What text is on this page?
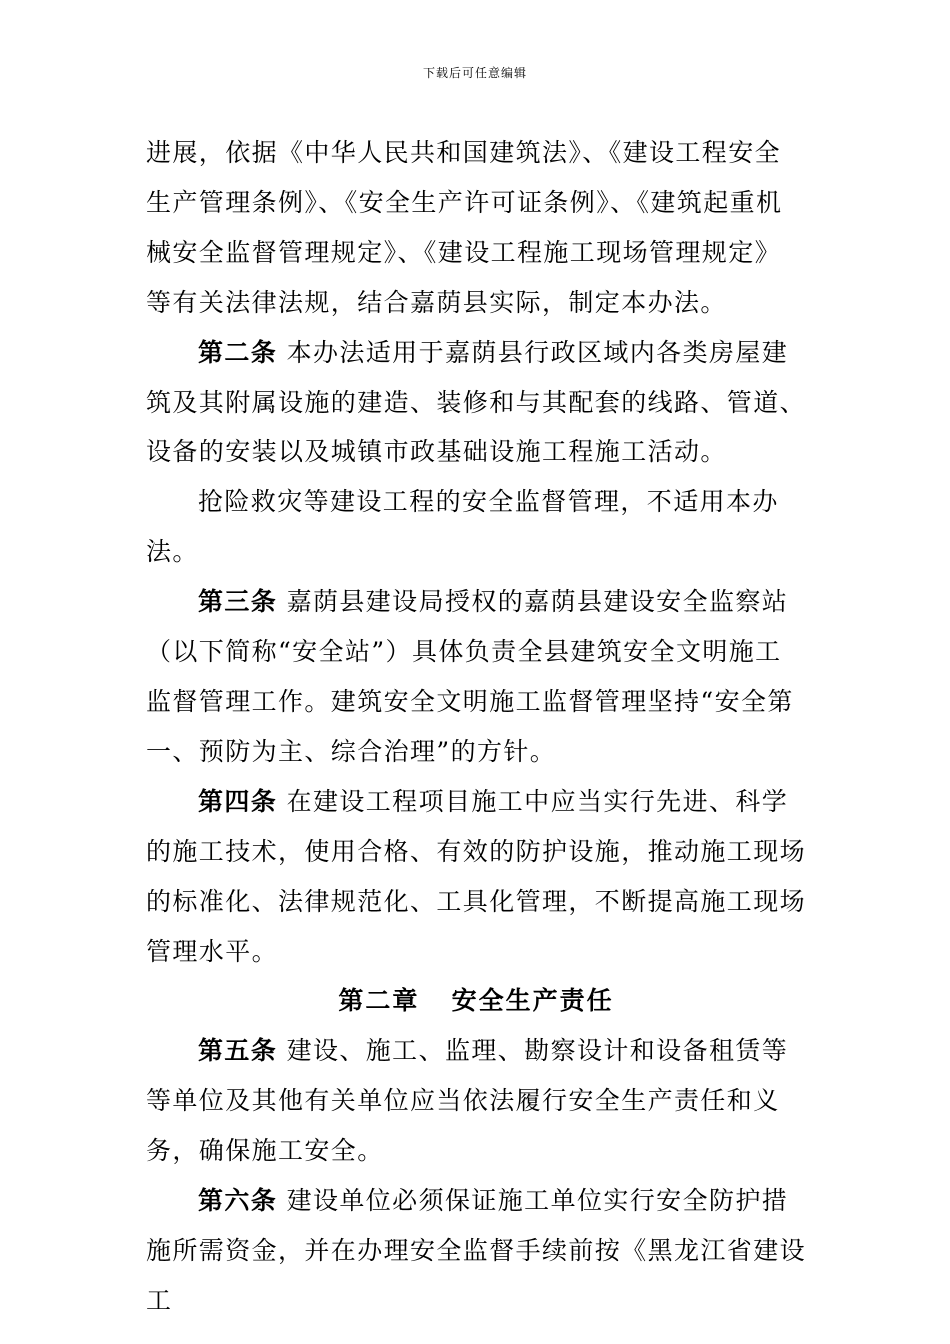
下载后可任意编辑

进展，依据《中华人民共和国建筑法》、《建设工程安全生产管理条例》、《安全生产许可证条例》、《建筑起重机械安全监督管理规定》、《建设工程施工现场管理规定》等有关法律法规，结合嘉荫县实际，制定本办法。

第二条 本办法适用于嘉荫县行政区域内各类房屋建筑及其附属设施的建造、装修和与其配套的线路、管道、设备的安装以及城镇市政基础设施工程施工活动。

抢险救灾等建设工程的安全监督管理，不适用本办法。

第三条 嘉荫县建设局授权的嘉荫县建设安全监察站（以下简称“安全站”）具体负责全县建筑安全文明施工监督管理工作。建筑安全文明施工监督管理坚持“安全第一、预防为主、综合治理”的方针。

第四条 在建设工程项目施工中应当实行先进、科学的施工技术，使用合格、有效的防护设施，推动施工现场的标准化、法律规范化、工具化管理，不断提高施工现场管理水平。

第二章 安全生产责任

第五条 建设、施工、监理、勘察设计和设备租赁等等单位及其他有关单位应当依法履行安全生产责任和义务，确保施工安全。

第六条 建设单位必须保证施工单位实行安全防护措施所需资金，并在办理安全监督手续前按《黑龙江省建设工
